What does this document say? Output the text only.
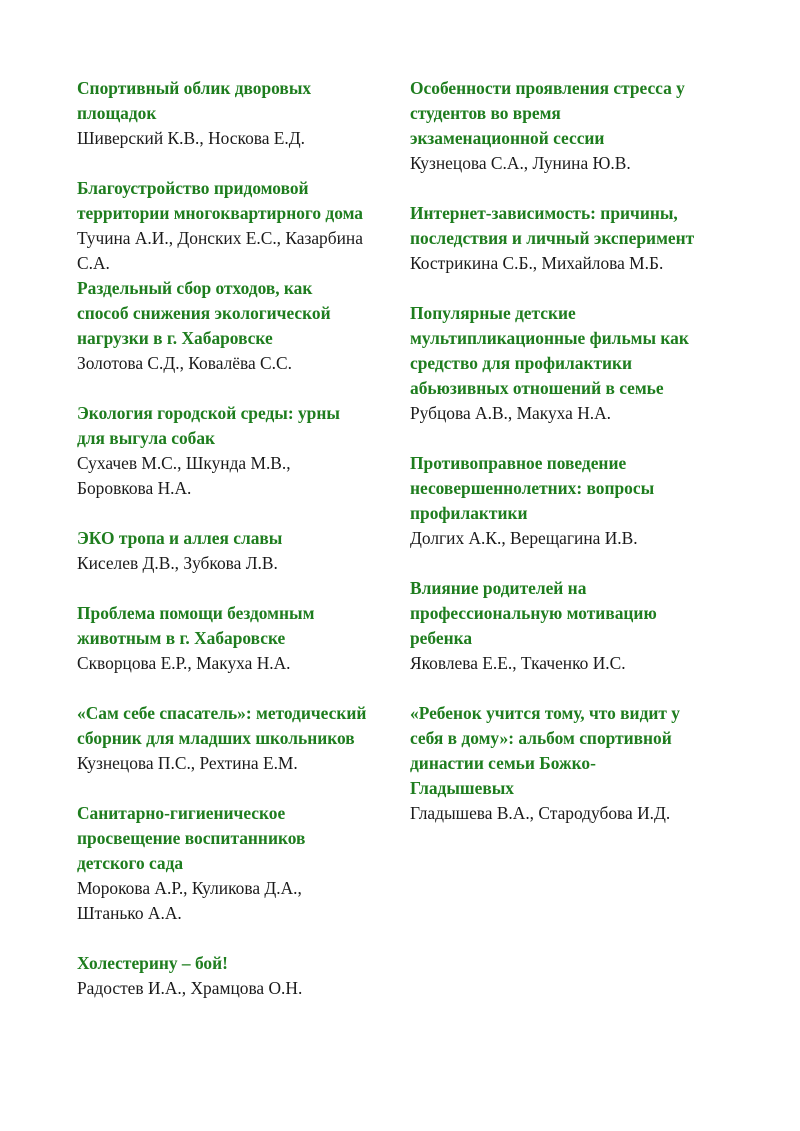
Спортивный облик дворовых

площадок

Шиверский К.В., Носкова Е.Д.

Благоустройство придомовой

территории многоквартирного дома

Тучина А.И., Донских Е.С., Казарбина

С.А.

Раздельный сбор отходов, как

способ снижения экологической

нагрузки в г. Хабаровске

Золотова С.Д., Ковалёва С.С.

Экология городской среды: урны

для выгула собак

Сухачев М.С., Шкунда М.В.,

Боровкова Н.А.

ЭКО тропа и аллея славы

Киселев Д.В., Зубкова Л.В.

Проблема помощи бездомным

животным в г. Хабаровске

Скворцова Е.Р., Макуха Н.А.

«Сам себе спасатель»: методический

сборник для младших школьников

Кузнецова П.С., Рехтина Е.М.

Санитарно-гигиеническое

просвещение воспитанников

детского сада

Морокова А.Р., Куликова Д.А.,

Штанько А.А.

Холестерину – бой!

Радостев И.А., Храмцова О.Н.

Особенности проявления стресса у

студентов во время

экзаменационной сессии

Кузнецова С.А., Лунина Ю.В.

Интернет-зависимость: причины,

последствия и личный эксперимент

Кострикина С.Б., Михайлова М.Б.

Популярные детские

мультипликационные фильмы как

средство для профилактики

абьюзивных отношений в семье

Рубцова А.В., Макуха Н.А.

Противоправное поведение

несовершеннолетних: вопросы

профилактики

Долгих А.К., Верещагина И.В.

Влияние родителей на

профессиональную мотивацию

ребенка

Яковлева Е.Е., Ткаченко И.С.

«Ребенок учится тому, что видит у

себя в дому»: альбом спортивной

династии семьи Божко-

Гладышевых

Гладышева В.А., Стародубова И.Д.
